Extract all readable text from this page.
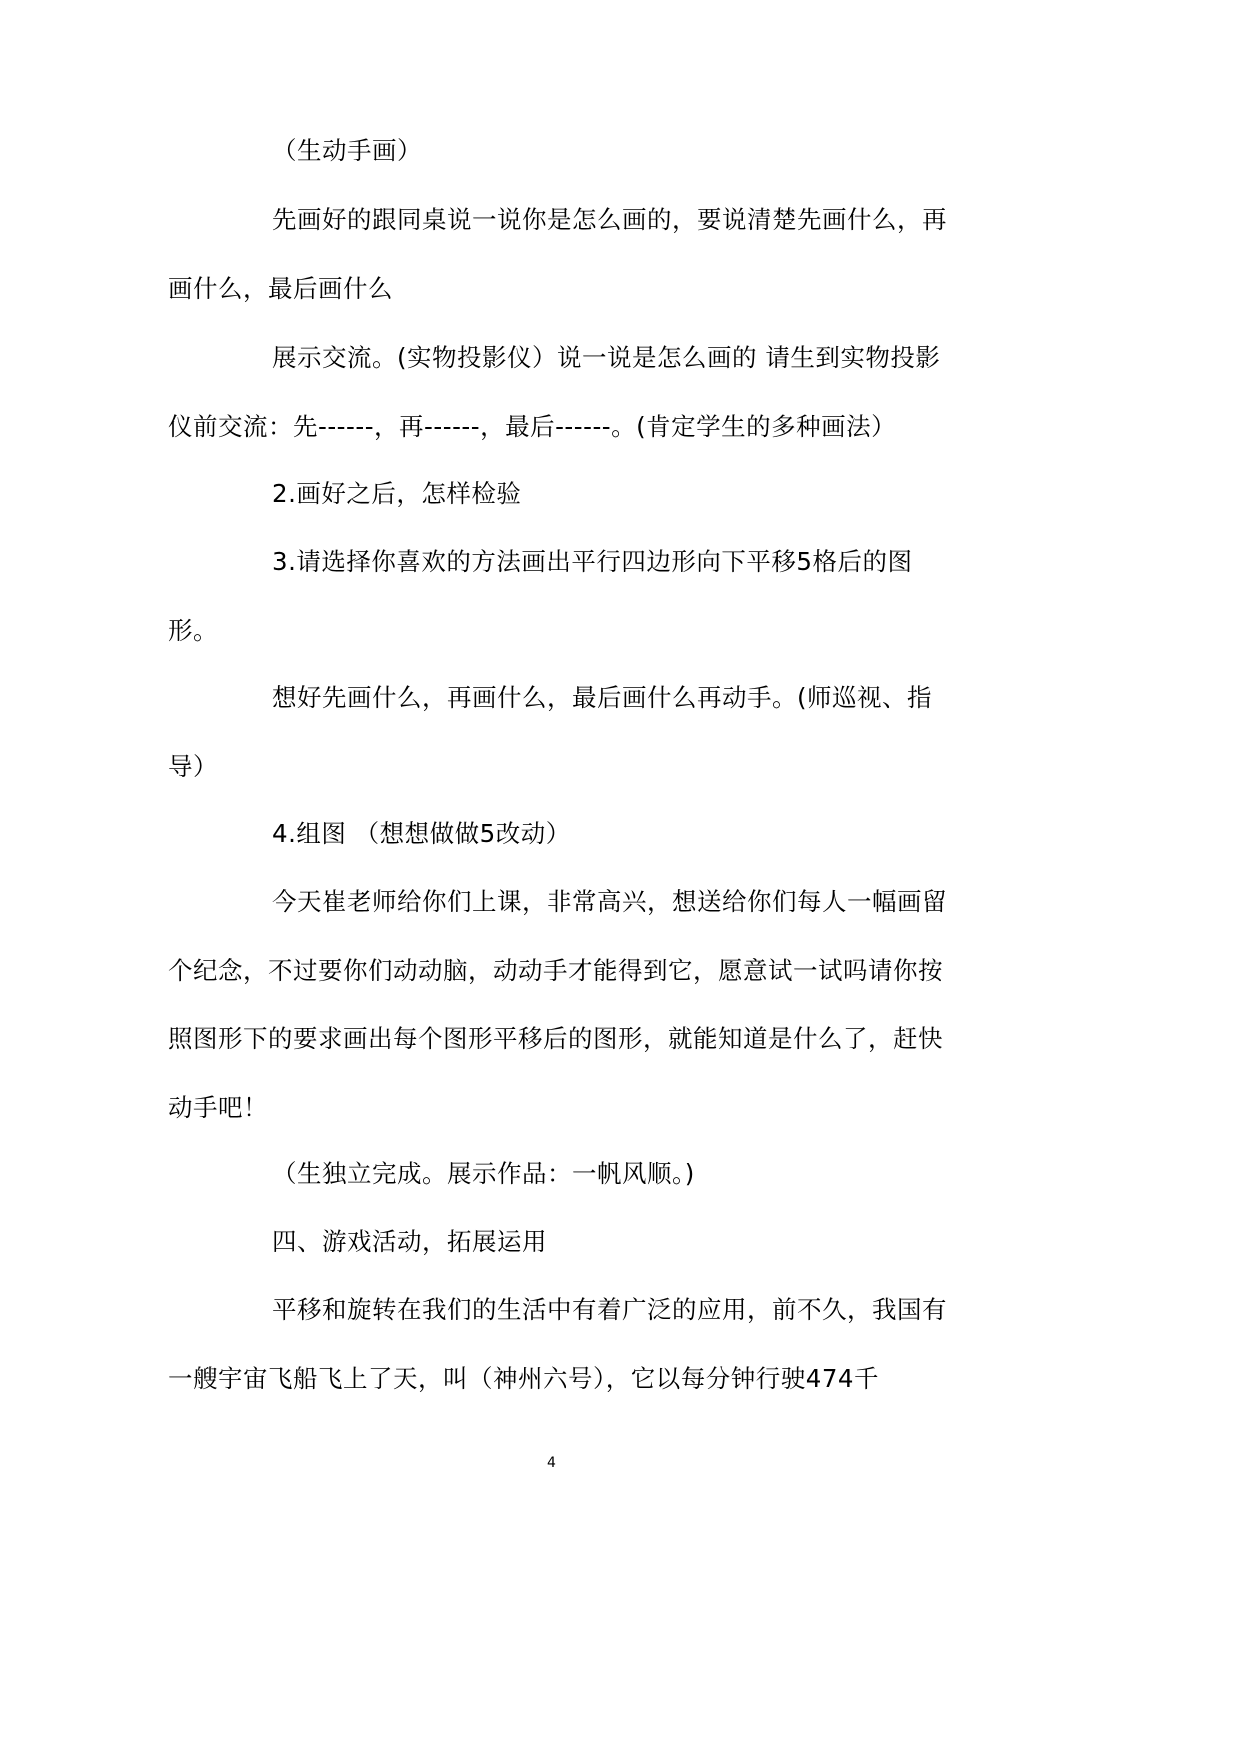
（生动手画）

先画好的跟同桌说一说你是怎么画的，要说清楚先画什么，再画什么，最后画什么

展示交流。(实物投影仪）说一说是怎么画的 请生到实物投影仪前交流：先------，再------，最后------。(肯定学生的多种画法）

2.画好之后，怎样检验

3.请选择你喜欢的方法画出平行四边形向下平移5格后的图形。

想好先画什么，再画什么，最后画什么再动手。(师巡视、指导）

4.组图 （想想做做5改动）

今天崔老师给你们上课，非常高兴，想送给你们每人一幅画留个纪念，不过要你们动动脑，动动手才能得到它，愿意试一试吗请你按照图形下的要求画出每个图形平移后的图形，就能知道是什么了，赶快动手吧！

（生独立完成。展示作品：一帆风顺。)

四、游戏活动，拓展运用

平移和旋转在我们的生活中有着广泛的应用，前不久，我国有一艘宇宙飞船飞上了天，叫（神州六号），它以每分钟行驶474千

4
